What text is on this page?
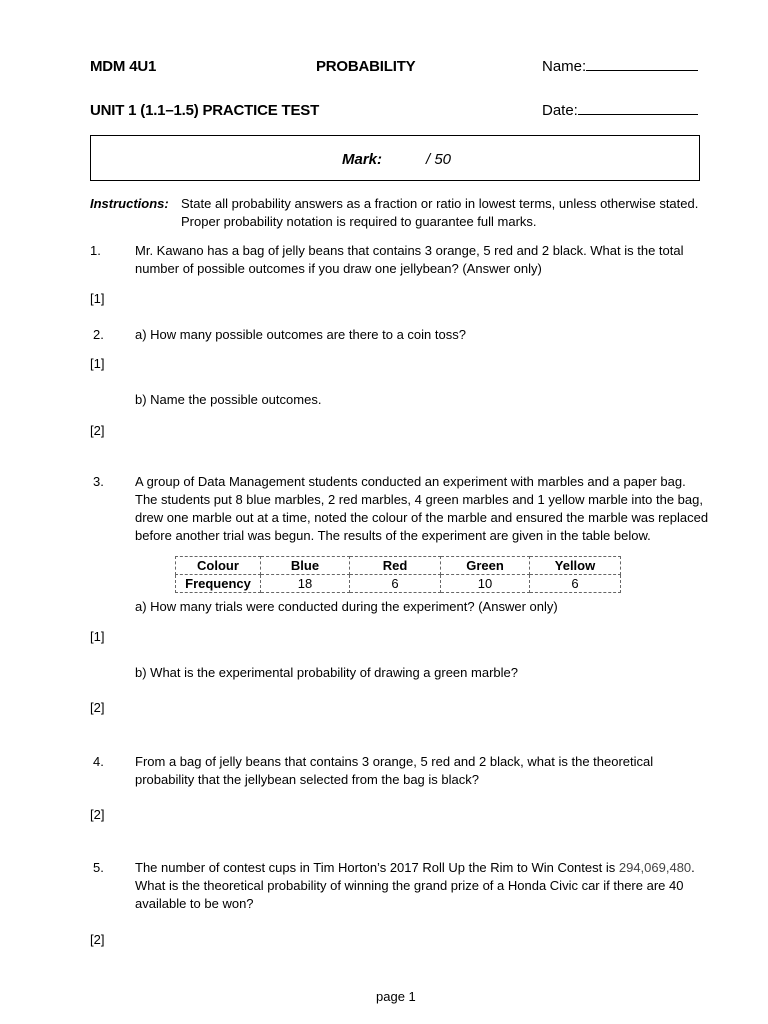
MDM 4U1	PROBABILITY	Name:
UNIT 1 (1.1–1.5) PRACTICE TEST	Date:
Mark:	/ 50
Instructions: State all probability answers as a fraction or ratio in lowest terms, unless otherwise stated.
Proper probability notation is required to guarantee full marks.
1.	Mr. Kawano has a bag of jelly beans that contains 3 orange, 5 red and 2 black. What is the total
number of possible outcomes if you draw one jellybean? (Answer only)
[1]
2. a) How many possible outcomes are there to a coin toss?
[1]
b) Name the possible outcomes.
[2]
3. A group of Data Management students conducted an experiment with marbles and a paper bag.
The students put 8 blue marbles, 2 red marbles, 4 green marbles and 1 yellow marble into the bag,
drew one marble out at a time, noted the colour of the marble and ensured the marble was replaced
before another trial was begun. The results of the experiment are given in the table below.
Colour	Blue	Red	Green	Yellow
Frequency	18	6	10	6
a) How many trials were conducted during the experiment? (Answer only)
[1]
b) What is the experimental probability of drawing a green marble?
[2]
4. From a bag of jelly beans that contains 3 orange, 5 red and 2 black, what is the theoretical
probability that the jellybean selected from the bag is black?
[2]
5. The number of contest cups in Tim Horton’s 2017 Roll Up the Rim to Win Contest is 294,069,480.
What is the theoretical probability of winning the grand prize of a Honda Civic car if there are 40
available to be won?
[2]
page 1
